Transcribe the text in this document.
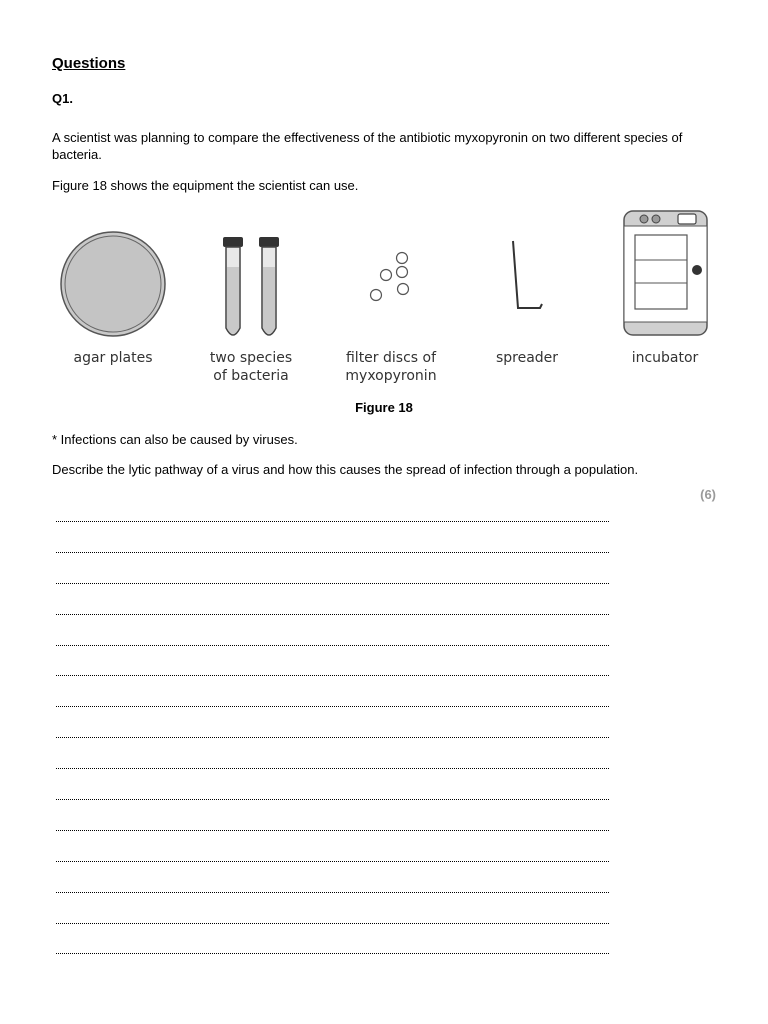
Questions
Q1.
A scientist was planning to compare the effectiveness of the antibiotic myxopyronin on two different species of bacteria.
Figure 18 shows the equipment the scientist can use.
agar plates	two species
of bacteria
filter discs of
myxopyronin
spreader	incubator
Figure 18
* Infections can also be caused by viruses.
Describe the lytic pathway of a virus and how this causes the spread of infection through a population.
(6)
